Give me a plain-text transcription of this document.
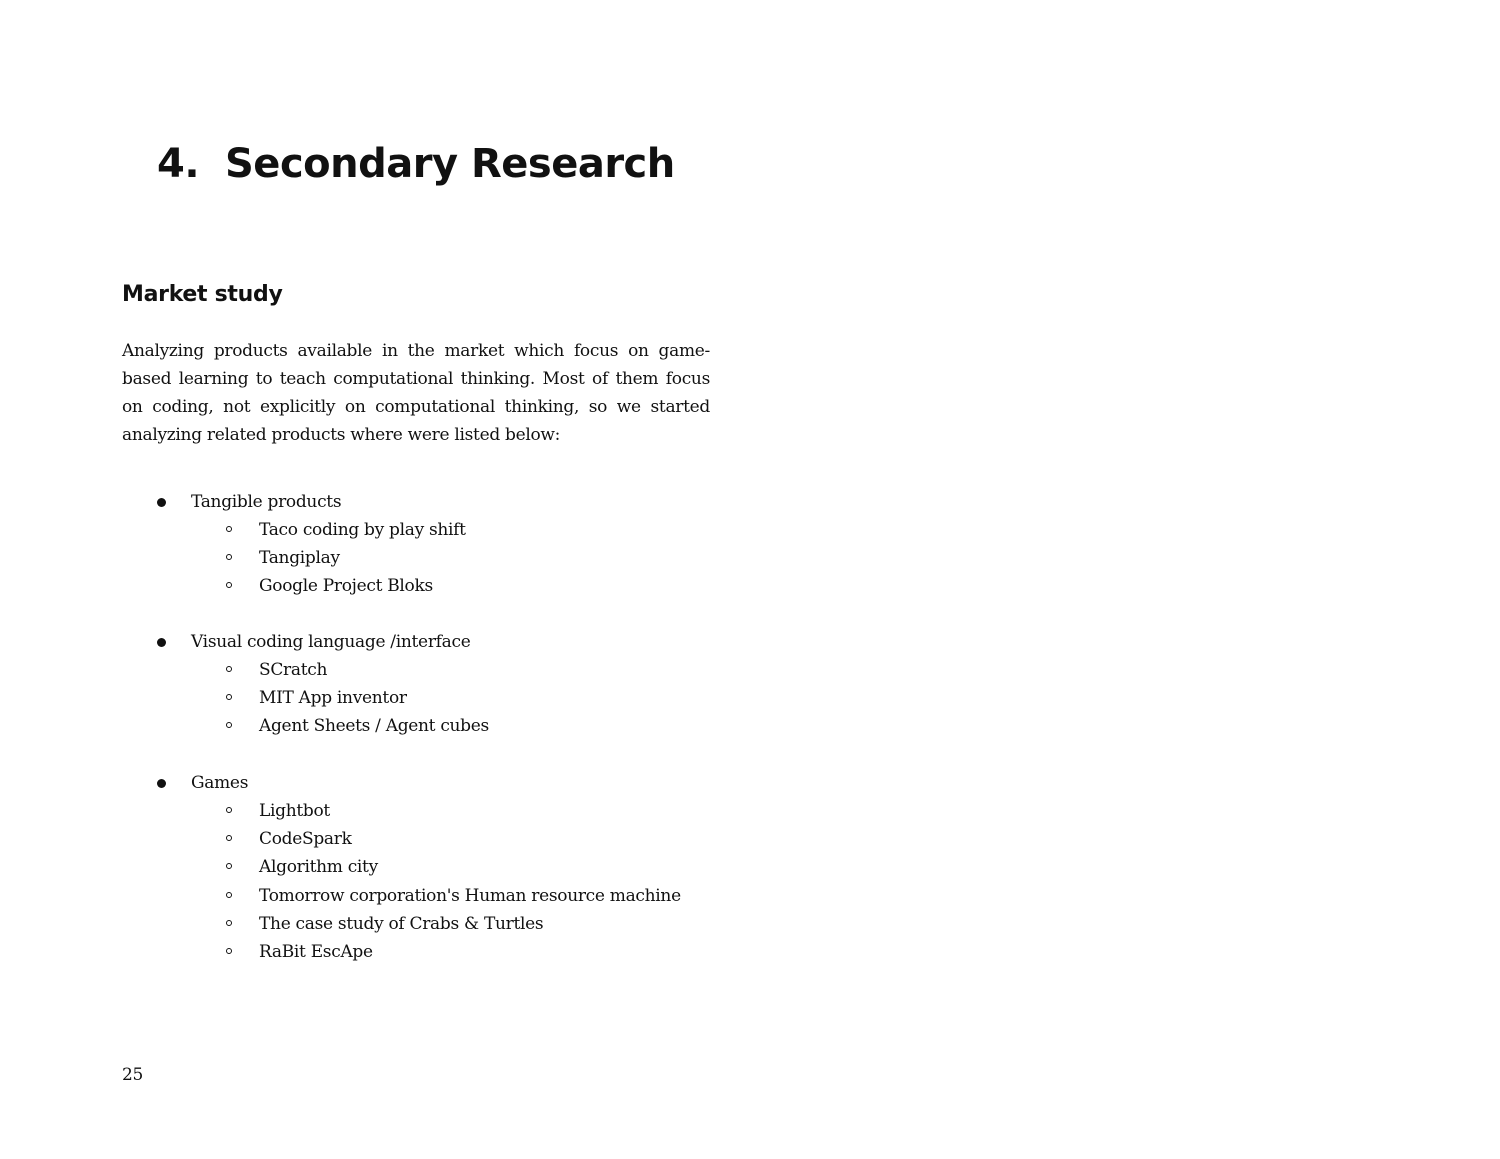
4. Secondary Research
Market study

Analyzing products available in the market which focus on game-based learning to teach computational thinking. Most of them focus on coding, not explicitly on computational thinking, so we started analyzing related products where were listed below:

Tangible products
Taco coding by play shift
Tangiplay
Google Project Bloks
Visual coding language /interface
SCratch
MIT App inventor
Agent Sheets / Agent cubes
Games
Lightbot
CodeSpark
Algorithm city
Tomorrow corporation's Human resource machine
The case study of Crabs & Turtles
RaBit EscApe
25
